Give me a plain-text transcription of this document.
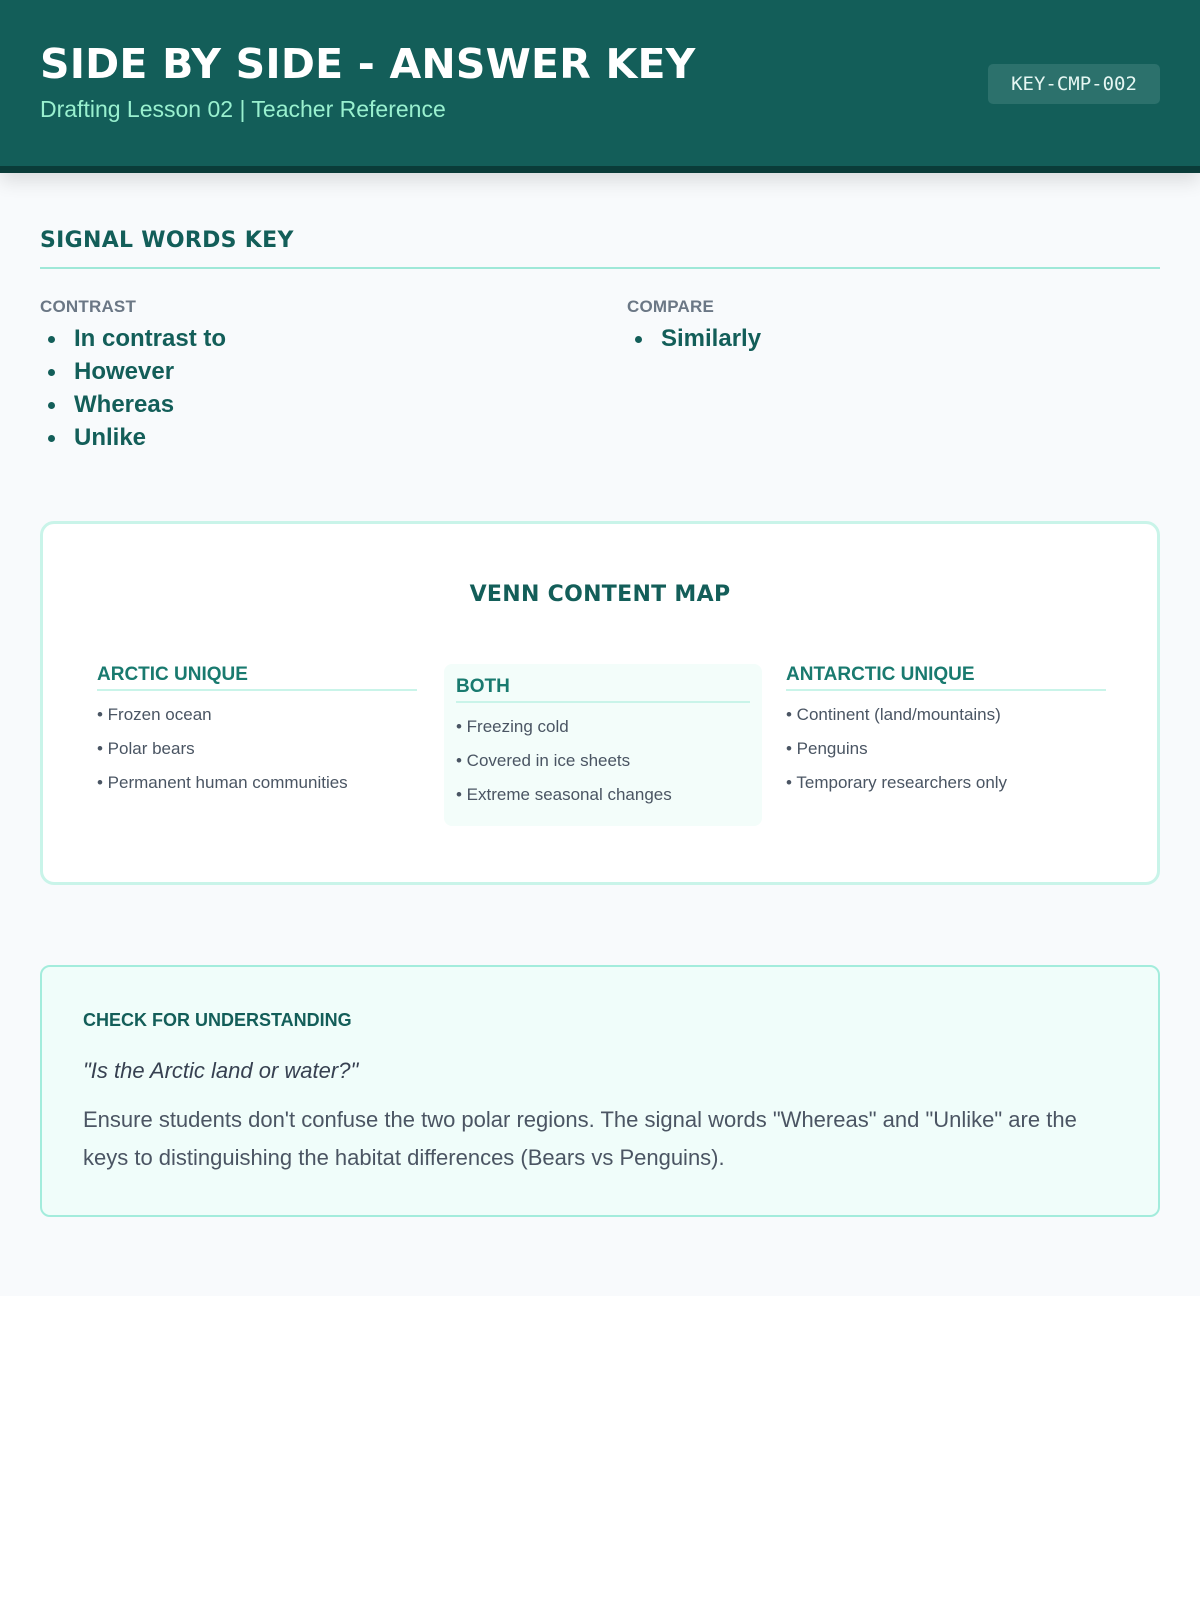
SIDE BY SIDE - ANSWER KEY
Drafting Lesson 02 | Teacher Reference
KEY-CMP-002
SIGNAL WORDS KEY
CONTRAST
In contrast to
However
Whereas
Unlike
COMPARE
Similarly
VENN CONTENT MAP
ARCTIC UNIQUE
• Frozen ocean
• Polar bears
• Permanent human communities
BOTH
• Freezing cold
• Covered in ice sheets
• Extreme seasonal changes
ANTARCTIC UNIQUE
• Continent (land/mountains)
• Penguins
• Temporary researchers only
CHECK FOR UNDERSTANDING
"Is the Arctic land or water?"
Ensure students don't confuse the two polar regions. The signal words "Whereas" and "Unlike" are the keys to distinguishing the habitat differences (Bears vs Penguins).
